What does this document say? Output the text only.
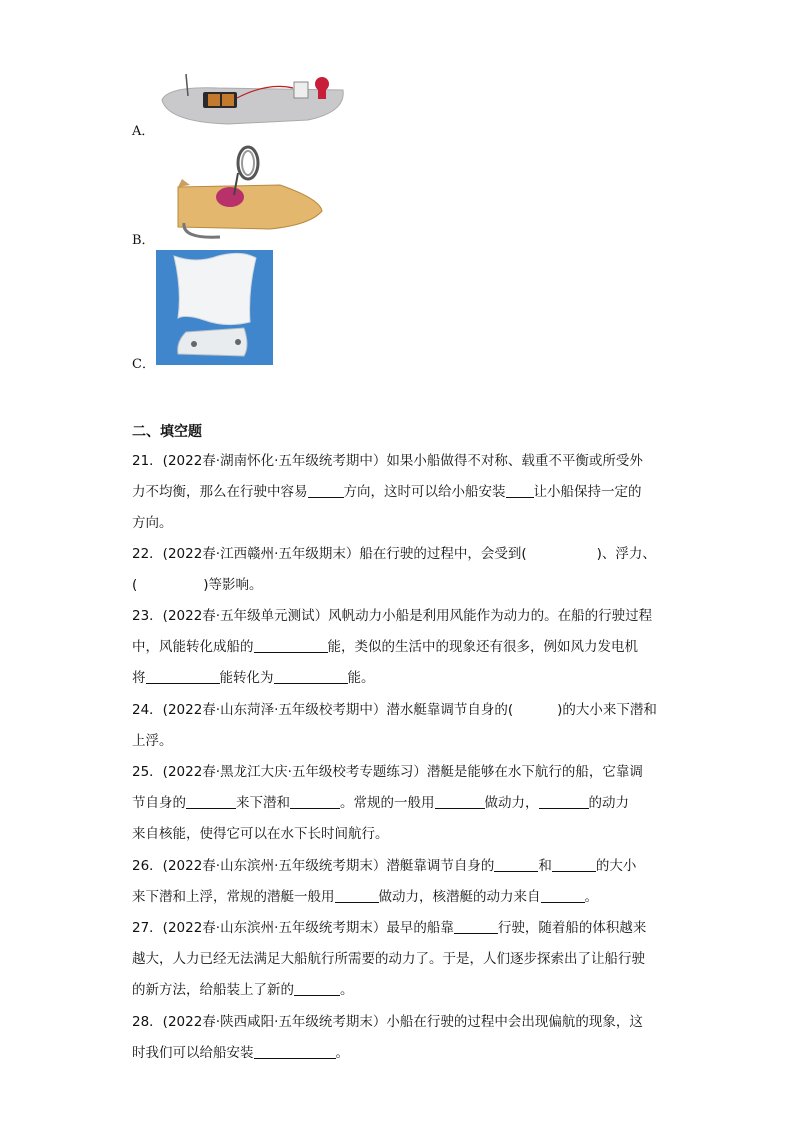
A．
B．
C．
二、填空题
21．(2022春·湖南怀化·五年级统考期中）如果小船做得不对称、载重不平衡或所受外
力不均衡，那么在行驶中容易	方向，这时可以给小船安装 让小船保持一定的
方向。
22．(2022春·江西赣州·五年级期末）船在行驶的过程中，会受到(	)、浮力、
(	)等影响。
23．(2022春·五年级单元测试）风帆动力小船是利用风能作为动力的。在船的行驶过程
中，风能转化成船的	能，类似的生活中的现象还有很多，例如风力发电机
将	能转化为	能。
24．(2022春·山东菏泽·五年级校考期中）潜水艇靠调节自身的(	)的大小来下潜和
上浮。
25．(2022春·黑龙江大庆·五年级校考专题练习）潜艇是能够在水下航行的船，它靠调
节自身的	来下潜和	。常规的一般用	做动力，	的动力
来自核能，使得它可以在水下长时间航行。
26．(2022春·山东滨州·五年级统考期末）潜艇靠调节自身的	和	的大小
来下潜和上浮，常规的潜艇一般用	做动力，核潜艇的动力来自	。
27．(2022春·山东滨州·五年级统考期末）最早的船靠	行驶，随着船的体积越来
越大，人力已经无法满足大船航行所需要的动力了。于是，人们逐步探索出了让船行驶
的新方法，给船装上了新的	。
28．(2022春·陕西咸阳·五年级统考期末）小船在行驶的过程中会出现偏航的现象，这
时我们可以给船安装	。
